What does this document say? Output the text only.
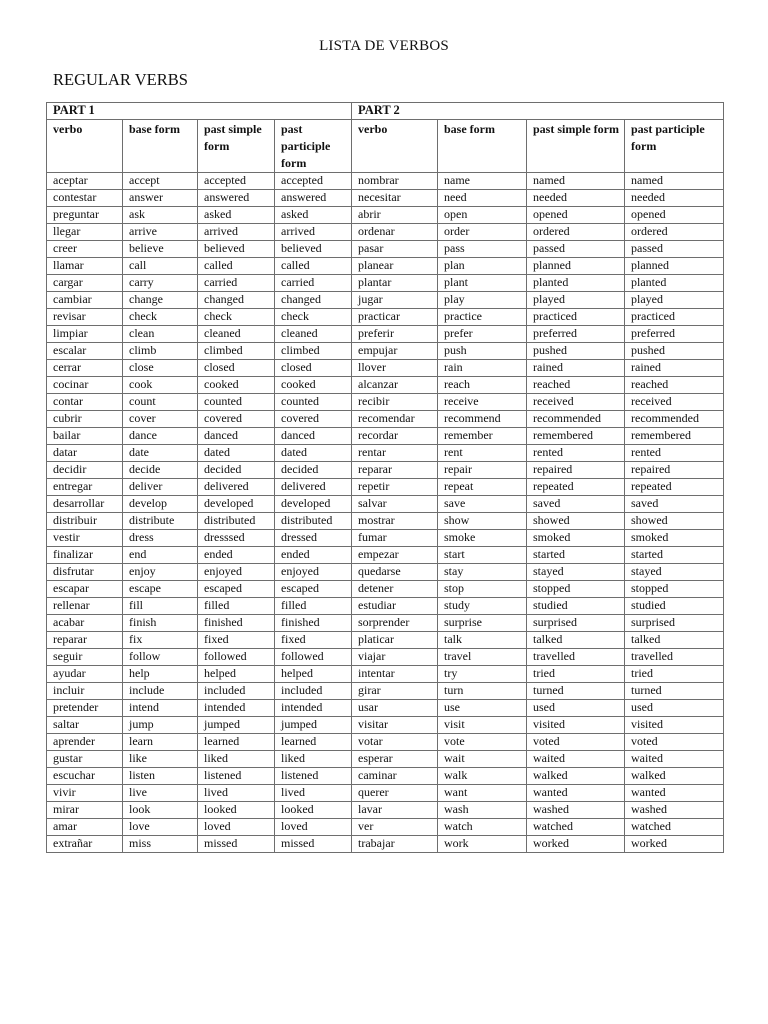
LISTA DE VERBOS
REGULAR VERBS
PART 1				PART 2			
verbo	base form	past simple form	past participle form	verbo	base form	past simple form	past participle form
aceptar	accept	accepted	accepted	nombrar	name	named	named
contestar	answer	answered	answered	necesitar	need	needed	needed
preguntar	ask	asked	asked	abrir	open	opened	opened
llegar	arrive	arrived	arrived	ordenar	order	ordered	ordered
creer	believe	believed	believed	pasar	pass	passed	passed
llamar	call	called	called	planear	plan	planned	planned
cargar	carry	carried	carried	plantar	plant	planted	planted
cambiar	change	changed	changed	jugar	play	played	played
revisar	check	check	check	practicar	practice	practiced	practiced
limpiar	clean	cleaned	cleaned	preferir	prefer	preferred	preferred
escalar	climb	climbed	climbed	empujar	push	pushed	pushed
cerrar	close	closed	closed	llover	rain	rained	rained
cocinar	cook	cooked	cooked	alcanzar	reach	reached	reached
contar	count	counted	counted	recibir	receive	received	received
cubrir	cover	covered	covered	recomendar	recommend	recommended	recommended
bailar	dance	danced	danced	recordar	remember	remembered	remembered
datar	date	dated	dated	rentar	rent	rented	rented
decidir	decide	decided	decided	reparar	repair	repaired	repaired
entregar	deliver	delivered	delivered	repetir	repeat	repeated	repeated
desarrollar	develop	developed	developed	salvar	save	saved	saved
distribuir	distribute	distributed	distributed	mostrar	show	showed	showed
vestir	dress	dresssed	dressed	fumar	smoke	smoked	smoked
finalizar	end	ended	ended	empezar	start	started	started
disfrutar	enjoy	enjoyed	enjoyed	quedarse	stay	stayed	stayed
escapar	escape	escaped	escaped	detener	stop	stopped	stopped
rellenar	fill	filled	filled	estudiar	study	studied	studied
acabar	finish	finished	finished	sorprender	surprise	surprised	surprised
reparar	fix	fixed	fixed	platicar	talk	talked	talked
seguir	follow	followed	followed	viajar	travel	travelled	travelled
ayudar	help	helped	helped	intentar	try	tried	tried
incluir	include	included	included	girar	turn	turned	turned
pretender	intend	intended	intended	usar	use	used	used
saltar	jump	jumped	jumped	visitar	visit	visited	visited
aprender	learn	learned	learned	votar	vote	voted	voted
gustar	like	liked	liked	esperar	wait	waited	waited
escuchar	listen	listened	listened	caminar	walk	walked	walked
vivir	live	lived	lived	querer	want	wanted	wanted
mirar	look	looked	looked	lavar	wash	washed	washed
amar	love	loved	loved	ver	watch	watched	watched
extrañar	miss	missed	missed	trabajar	work	worked	worked
